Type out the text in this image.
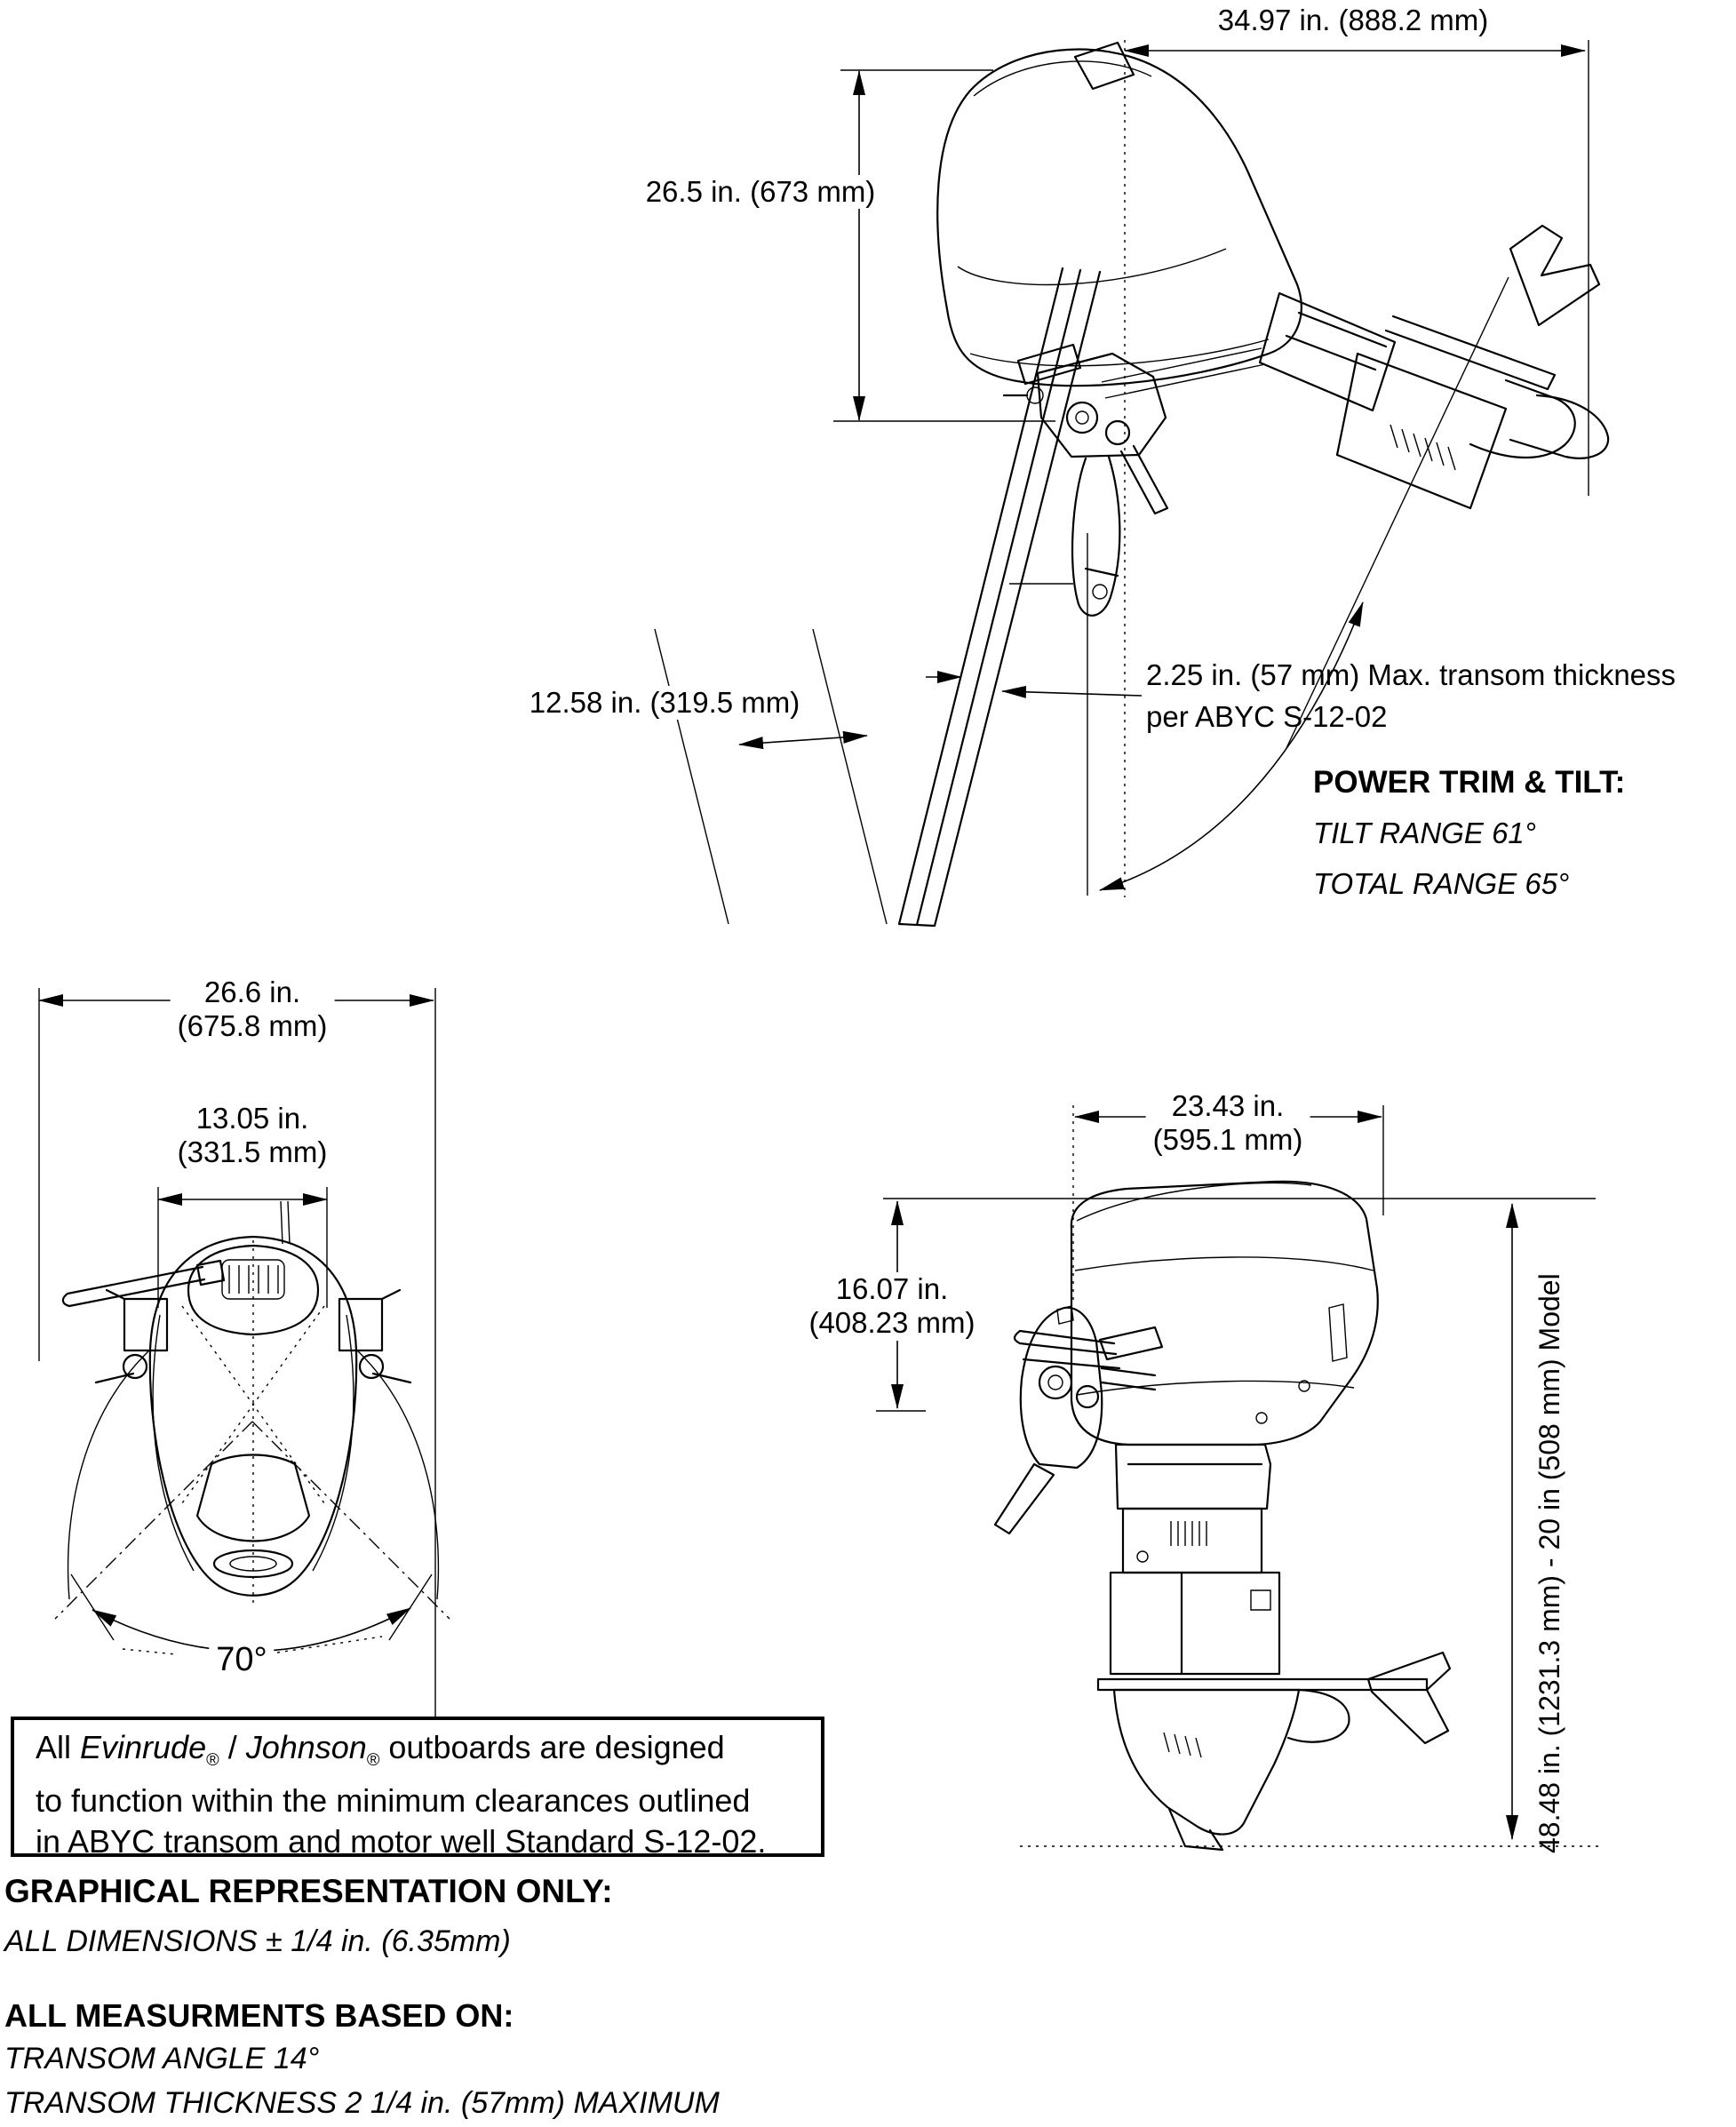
34.97 in. (888.2 mm)
26.5 in. (673 mm)
12.58 in. (319.5 mm)
2.25 in. (57 mm) Max. transom thickness
per ABYC S-12-02
POWER TRIM & TILT:
TILT RANGE 61°
TOTAL RANGE 65°
26.6 in.
(675.8 mm)
13.05 in.
(331.5 mm)
70°
23.43 in.
(595.1 mm)
16.07 in.
(408.23 mm)	48.48 in. (1231.3 mm) - 20 in (508 mm) Model
All Evinrude$_®$ / Johnson$_®$ outboards are designed
to function within the minimum clearances outlined
in ABYC transom and motor well Standard S-12-02.
GRAPHICAL REPRESENTATION ONLY:
ALL DIMENSIONS ± 1/4 in. (6.35mm)
ALL MEASURMENTS BASED ON:
TRANSOM ANGLE 14°
TRANSOM THICKNESS 2 1/4 in. (57mm) MAXIMUM
